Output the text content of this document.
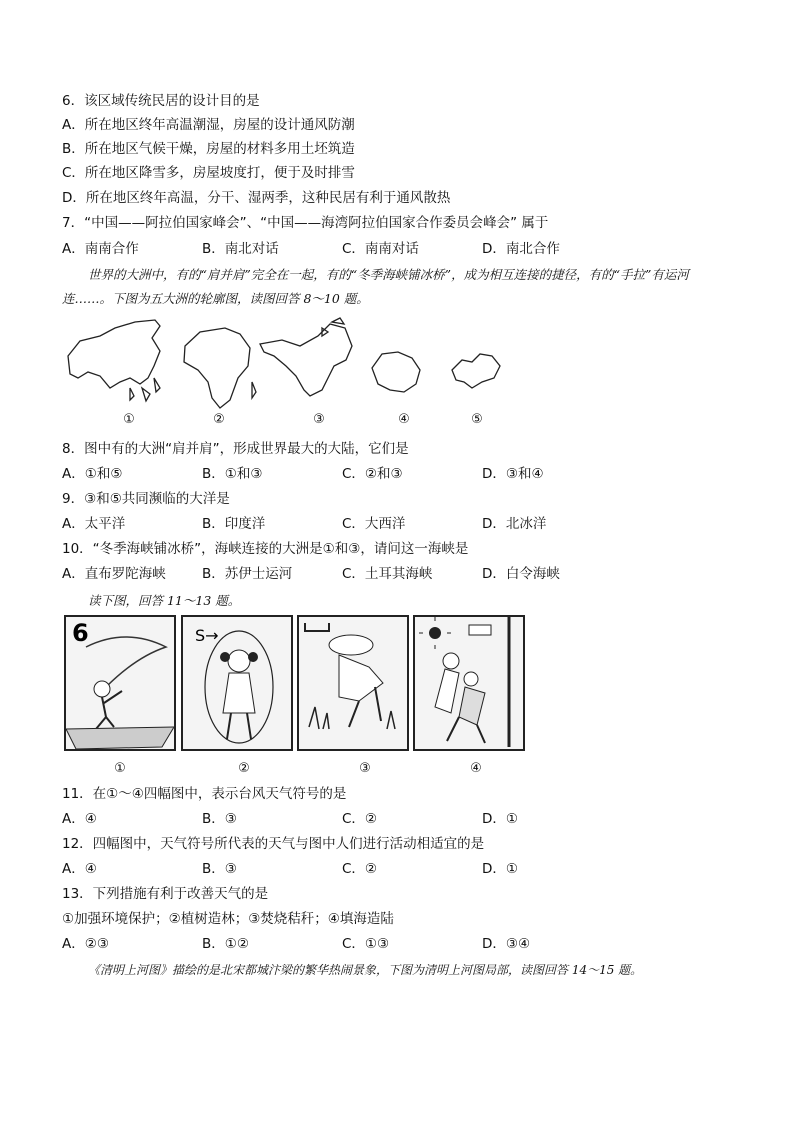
6．该区域传统民居的设计目的是
A．所在地区终年高温潮湿，房屋的设计通风防潮
B．所在地区气候干燥，房屋的材料多用土坯筑造
C．所在地区降雪多，房屋坡度打，便于及时排雪
D．所在地区终年高温，分干、湿两季，这种民居有利于通风散热
7．“中国——阿拉伯国家峰会”、“中国——海湾阿拉伯国家合作委员会峰会” 属于
A．南南合作	B．南北对话	C．南南对话	D．南北合作
世界的大洲中，有的“肩并肩”完全在一起，有的“冬季海峡铺冰桥”，成为相互连接的捷径，有的“手拉”有运河连……。下图为五大洲的轮廓图，读图回答 8～10 题。
①	②	③	④	⑤
8．图中有的大洲“肩并肩”，形成世界最大的大陆，它们是
A．①和⑤	B．①和③	C．②和③	D．③和④
9．③和⑤共同濒临的大洋是
A．太平洋	B．印度洋	C．大西洋	D．北冰洋
10．“冬季海峡铺冰桥”，海峡连接的大洲是①和③，请问这一海峡是
A．直布罗陀海峡	B．苏伊士运河	C．土耳其海峡	D．白令海峡
读下图，回答 11～13 题。
6	S→
①	②	③	④
11．在①～④四幅图中，表示台风天气符号的是
A．④	B．③	C．②	D．①
12．四幅图中，天气符号所代表的天气与图中人们进行活动相适宜的是
A．④	B．③	C．②	D．①
13．下列措施有利于改善天气的是
①加强环境保护；②植树造林；③焚烧秸秆；④填海造陆
A．②③	B．①②	C．①③	D．③④
《清明上河图》描绘的是北宋都城汴梁的繁华热闹景象，下图为清明上河图局部，读图回答 14～15 题。
